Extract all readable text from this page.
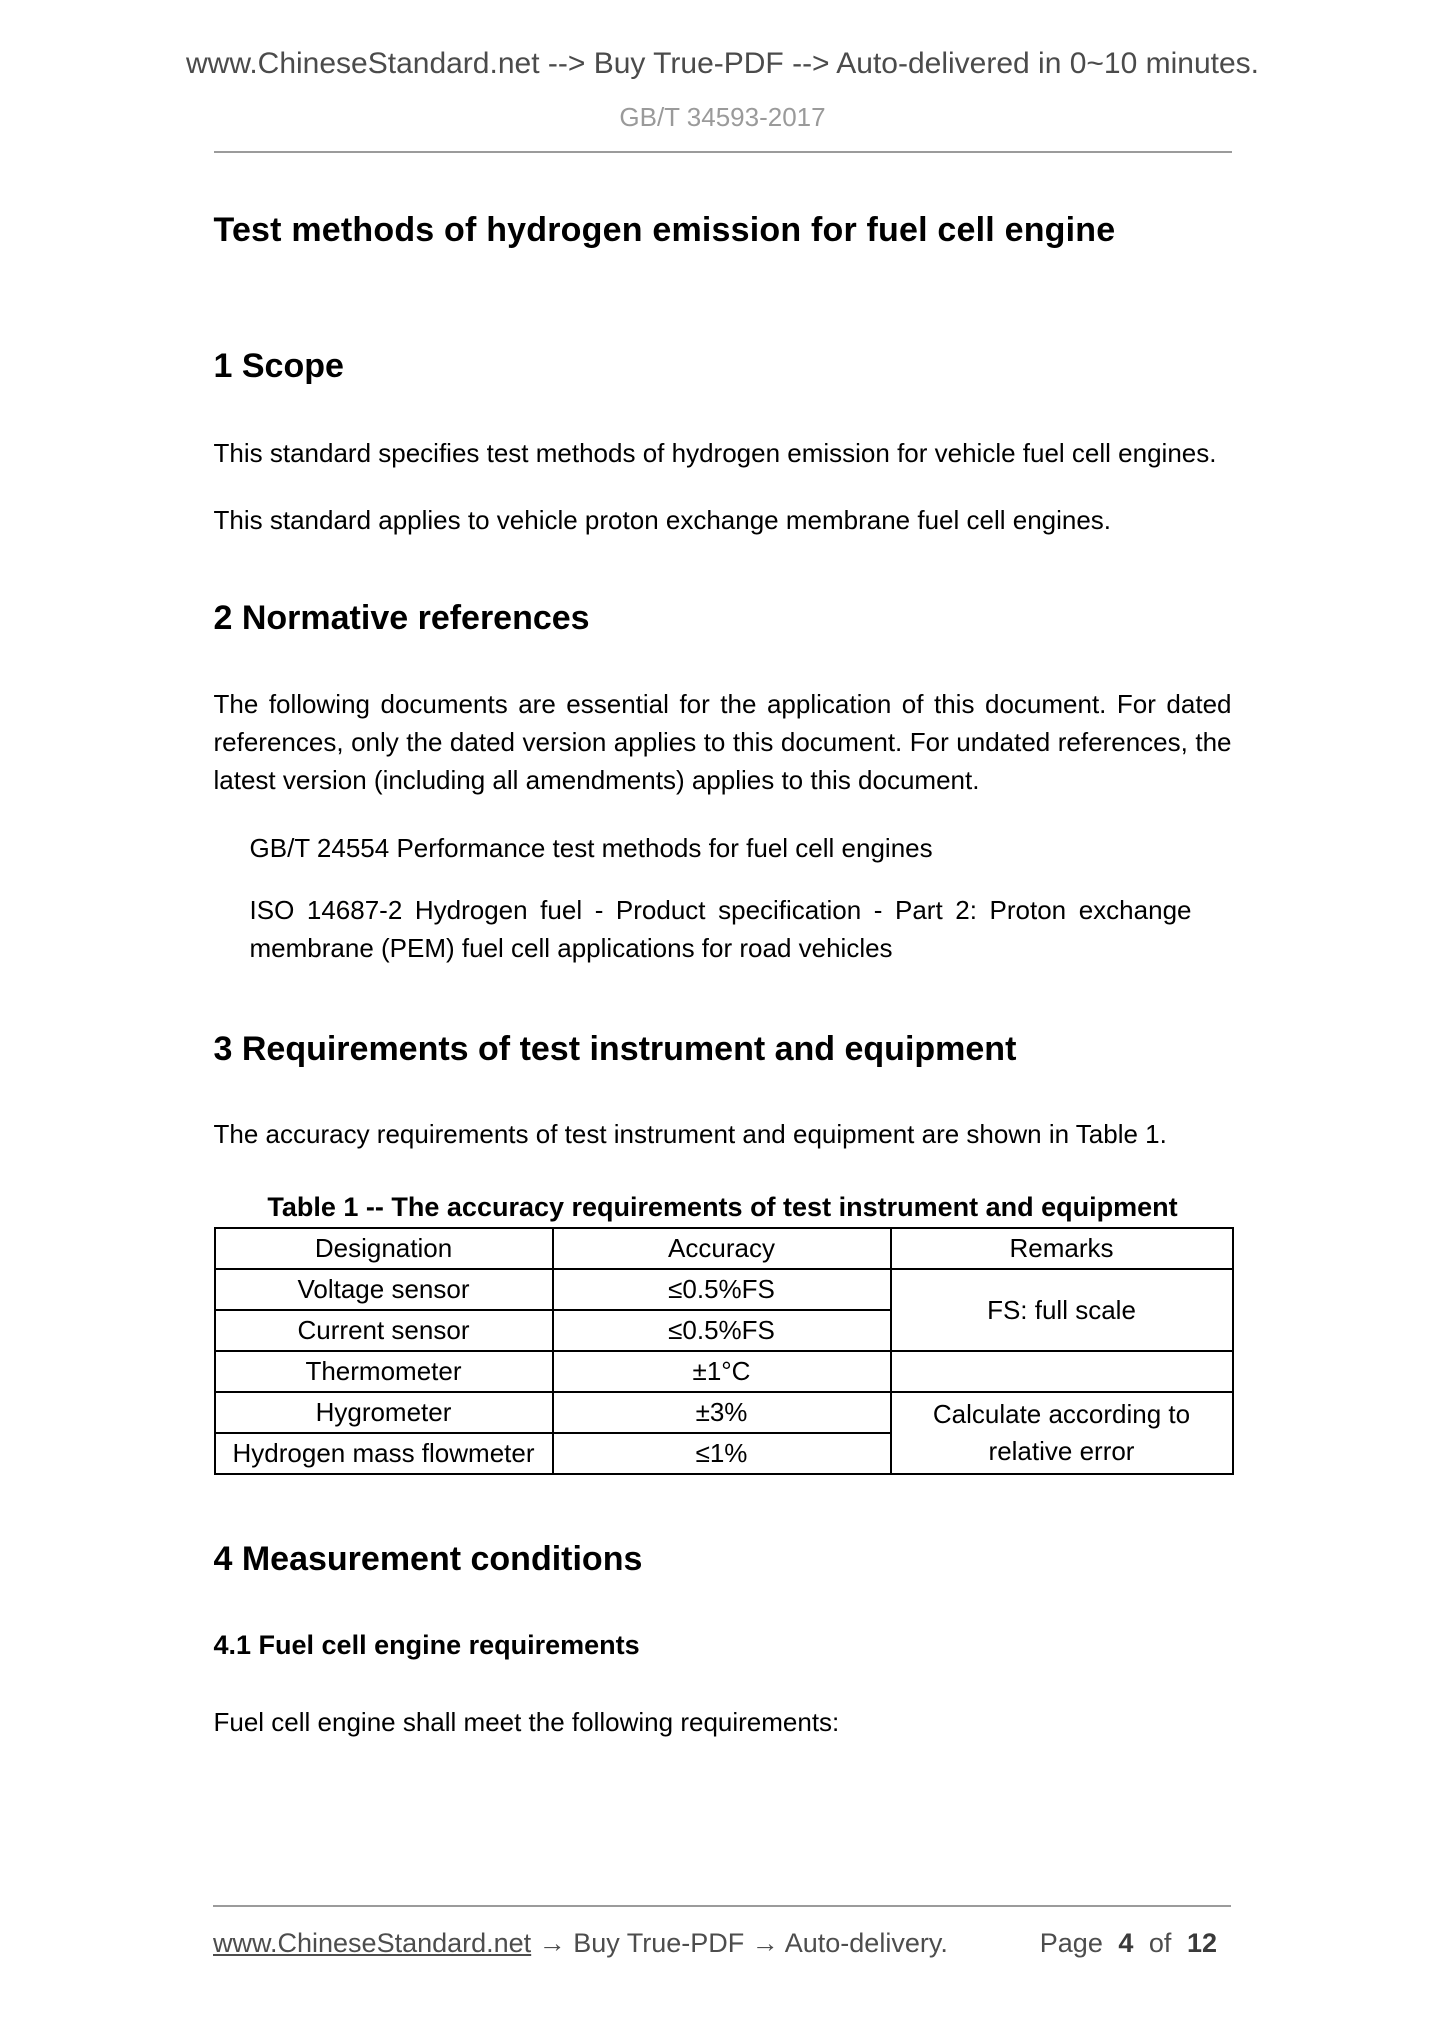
www.ChineseStandard.net --> Buy True-PDF --> Auto-delivered in 0~10 minutes.
GB/T 34593-2017
Test methods of hydrogen emission for fuel cell engine
1 Scope

This standard specifies test methods of hydrogen emission for vehicle fuel cell engines.

This standard applies to vehicle proton exchange membrane fuel cell engines.

2 Normative references

The following documents are essential for the application of this document. For dated references, only the dated version applies to this document. For undated references, the latest version (including all amendments) applies to this document.

GB/T 24554 Performance test methods for fuel cell engines

ISO 14687-2 Hydrogen fuel - Product specification - Part 2: Proton exchange membrane (PEM) fuel cell applications for road vehicles

3 Requirements of test instrument and equipment

The accuracy requirements of test instrument and equipment are shown in Table 1.

Table 1 -- The accuracy requirements of test instrument and equipment
Designation	Accuracy	Remarks
Voltage sensor	≤0.5%FS	FS: full scale
Current sensor	≤0.5%FS	
Thermometer	±1°C	
Hygrometer	±3%	Calculate according to relative error
Hydrogen mass flowmeter	≤1%	
4 Measurement conditions
4.1 Fuel cell engine requirements

Fuel cell engine shall meet the following requirements:

www.ChineseStandard.net → Buy True-PDF → Auto-delivery.	Page 4 of 12
